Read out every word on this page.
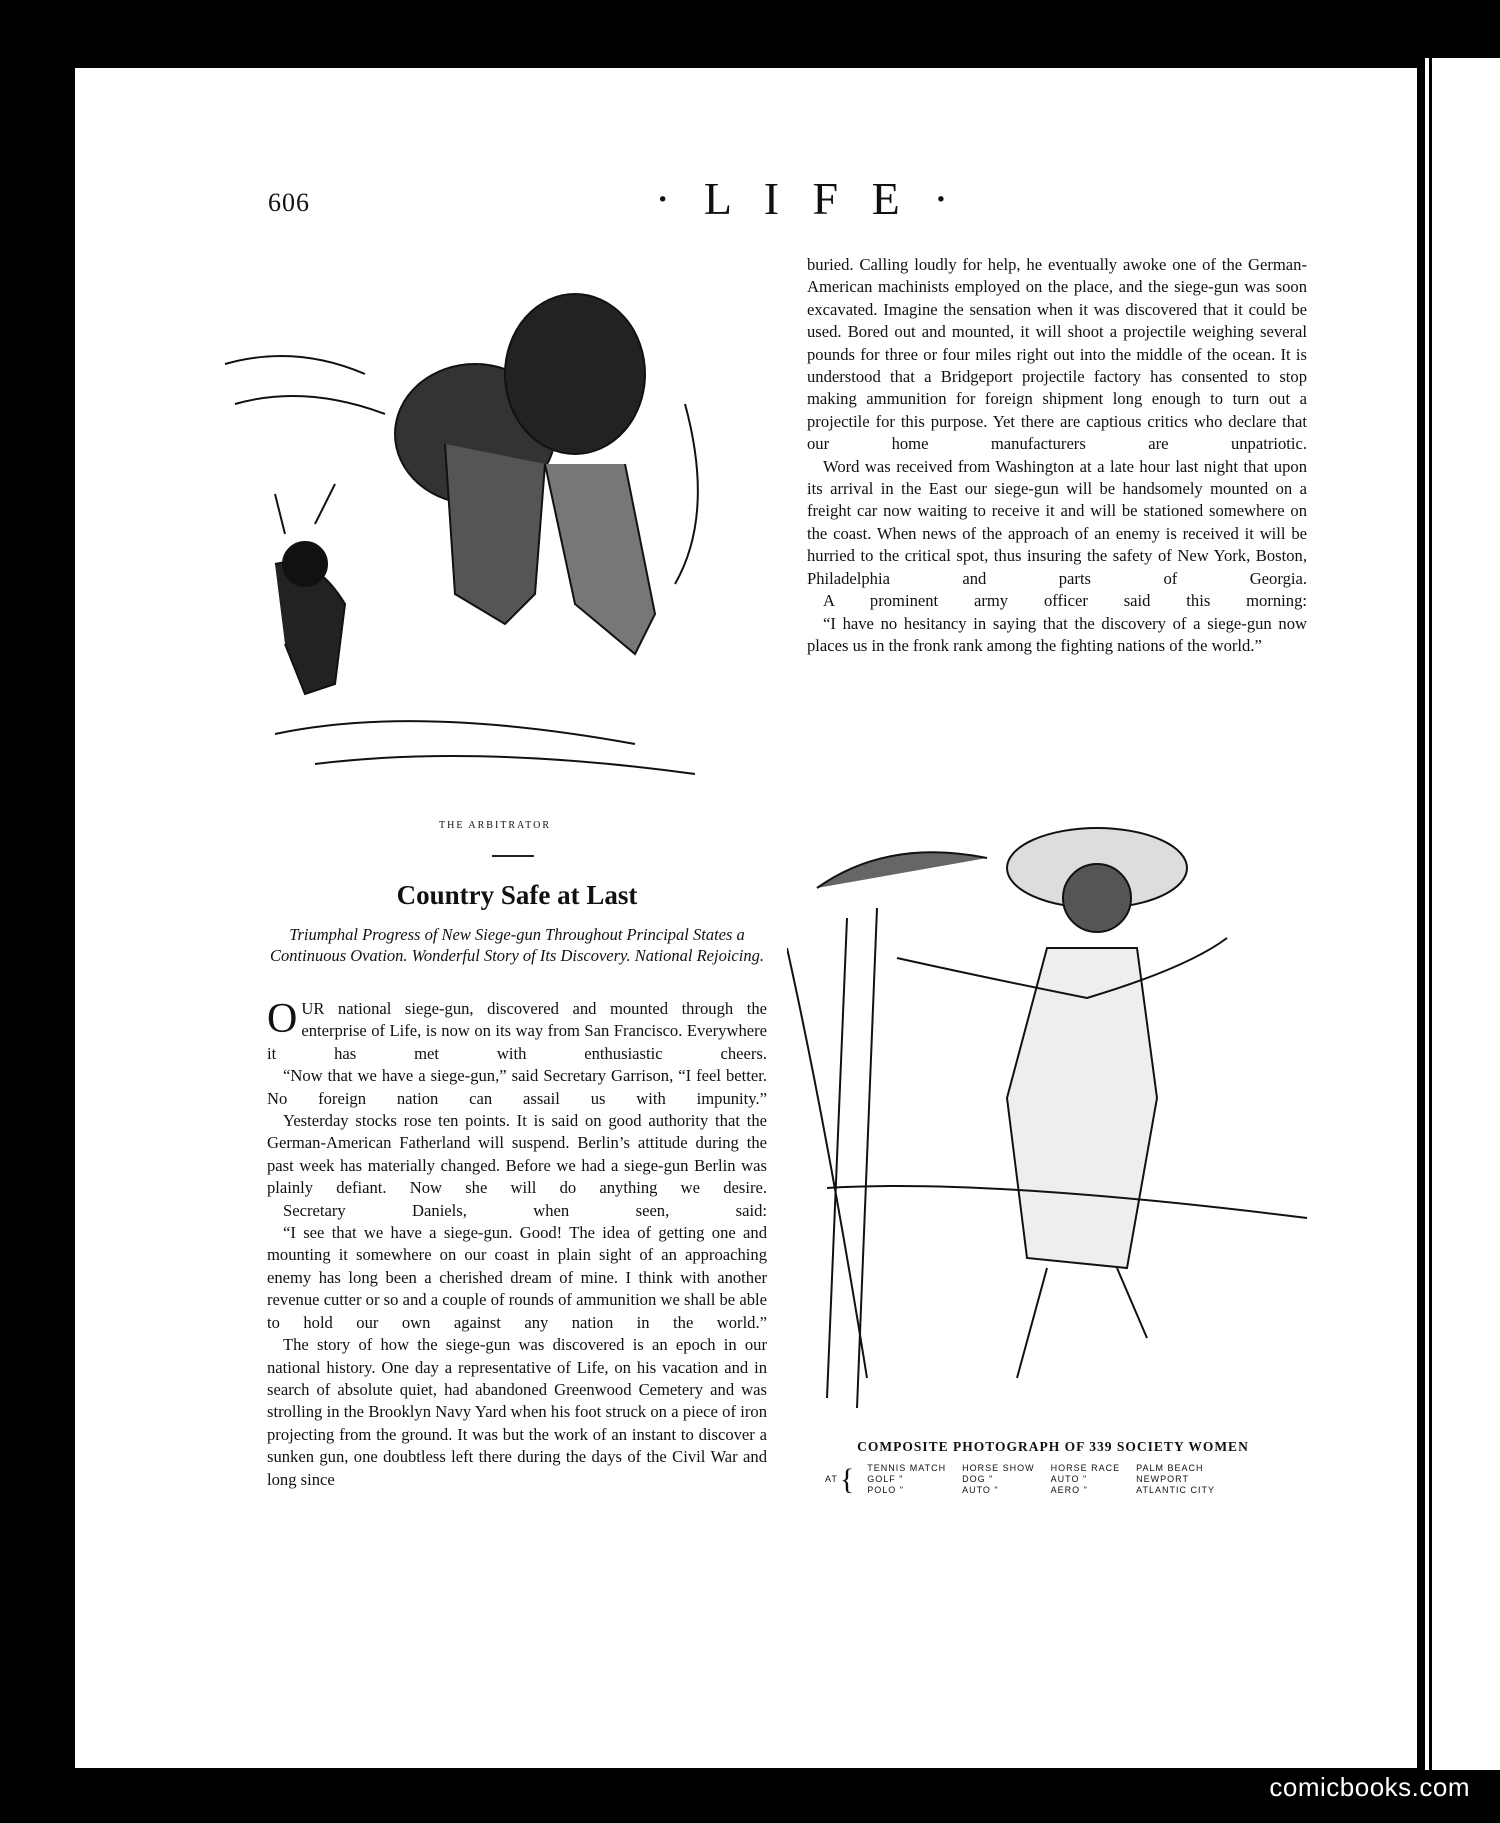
606	· L I F E ·
THE ARBITRATOR
Country Safe at Last
Triumphal Progress of New Siege-gun Throughout Principal States a Continuous Ovation. Wonderful Story of Its Discovery. National Rejoicing.

OUR national siege-gun, discovered and mounted through the enterprise of Life, is now on its way from San Francisco. Everywhere it has met with enthusiastic cheers.

“Now that we have a siege-gun,” said Secretary Garrison, “I feel better. No foreign nation can assail us with impunity.”

Yesterday stocks rose ten points. It is said on good authority that the German-American Fatherland will suspend. Berlin’s attitude during the past week has materially changed. Before we had a siege-gun Berlin was plainly defiant. Now she will do anything we desire.

Secretary Daniels, when seen, said:

“I see that we have a siege-gun. Good! The idea of getting one and mounting it somewhere on our coast in plain sight of an approaching enemy has long been a cherished dream of mine. I think with another revenue cutter or so and a couple of rounds of ammunition we shall be able to hold our own against any nation in the world.”

The story of how the siege-gun was discovered is an epoch in our national history. One day a representative of Life, on his vacation and in search of absolute quiet, had abandoned Greenwood Cemetery and was strolling in the Brooklyn Navy Yard when his foot struck on a piece of iron projecting from the ground. It was but the work of an instant to discover a sunken gun, one doubtless left there during the days of the Civil War and long since

buried. Calling loudly for help, he eventually awoke one of the German-American machinists employed on the place, and the siege-gun was soon excavated. Imagine the sensation when it was discovered that it could be used. Bored out and mounted, it will shoot a projectile weighing several pounds for three or four miles right out into the middle of the ocean. It is understood that a Bridgeport projectile factory has consented to stop making ammunition for foreign shipment long enough to turn out a projectile for this purpose. Yet there are captious critics who declare that our home manufacturers are unpatriotic.

Word was received from Washington at a late hour last night that upon its arrival in the East our siege-gun will be handsomely mounted on a freight car now waiting to receive it and will be stationed somewhere on the coast. When news of the approach of an enemy is received it will be hurried to the critical spot, thus insuring the safety of New York, Boston, Philadelphia and parts of Georgia.

A prominent army officer said this morning:

“I have no hesitancy in saying that the discovery of a siege-gun now places us in the fronk rank among the fighting nations of the world.”

COMPOSITE PHOTOGRAPH OF 339 SOCIETY WOMEN
AT	{	TENNIS MATCH	HORSE SHOW	HORSE RACE	PALM BEACH
		GOLF "	DOG "	AUTO "	NEWPORT
		POLO "	AUTO "	AERO "	ATLANTIC CITY
comicbooks.com
